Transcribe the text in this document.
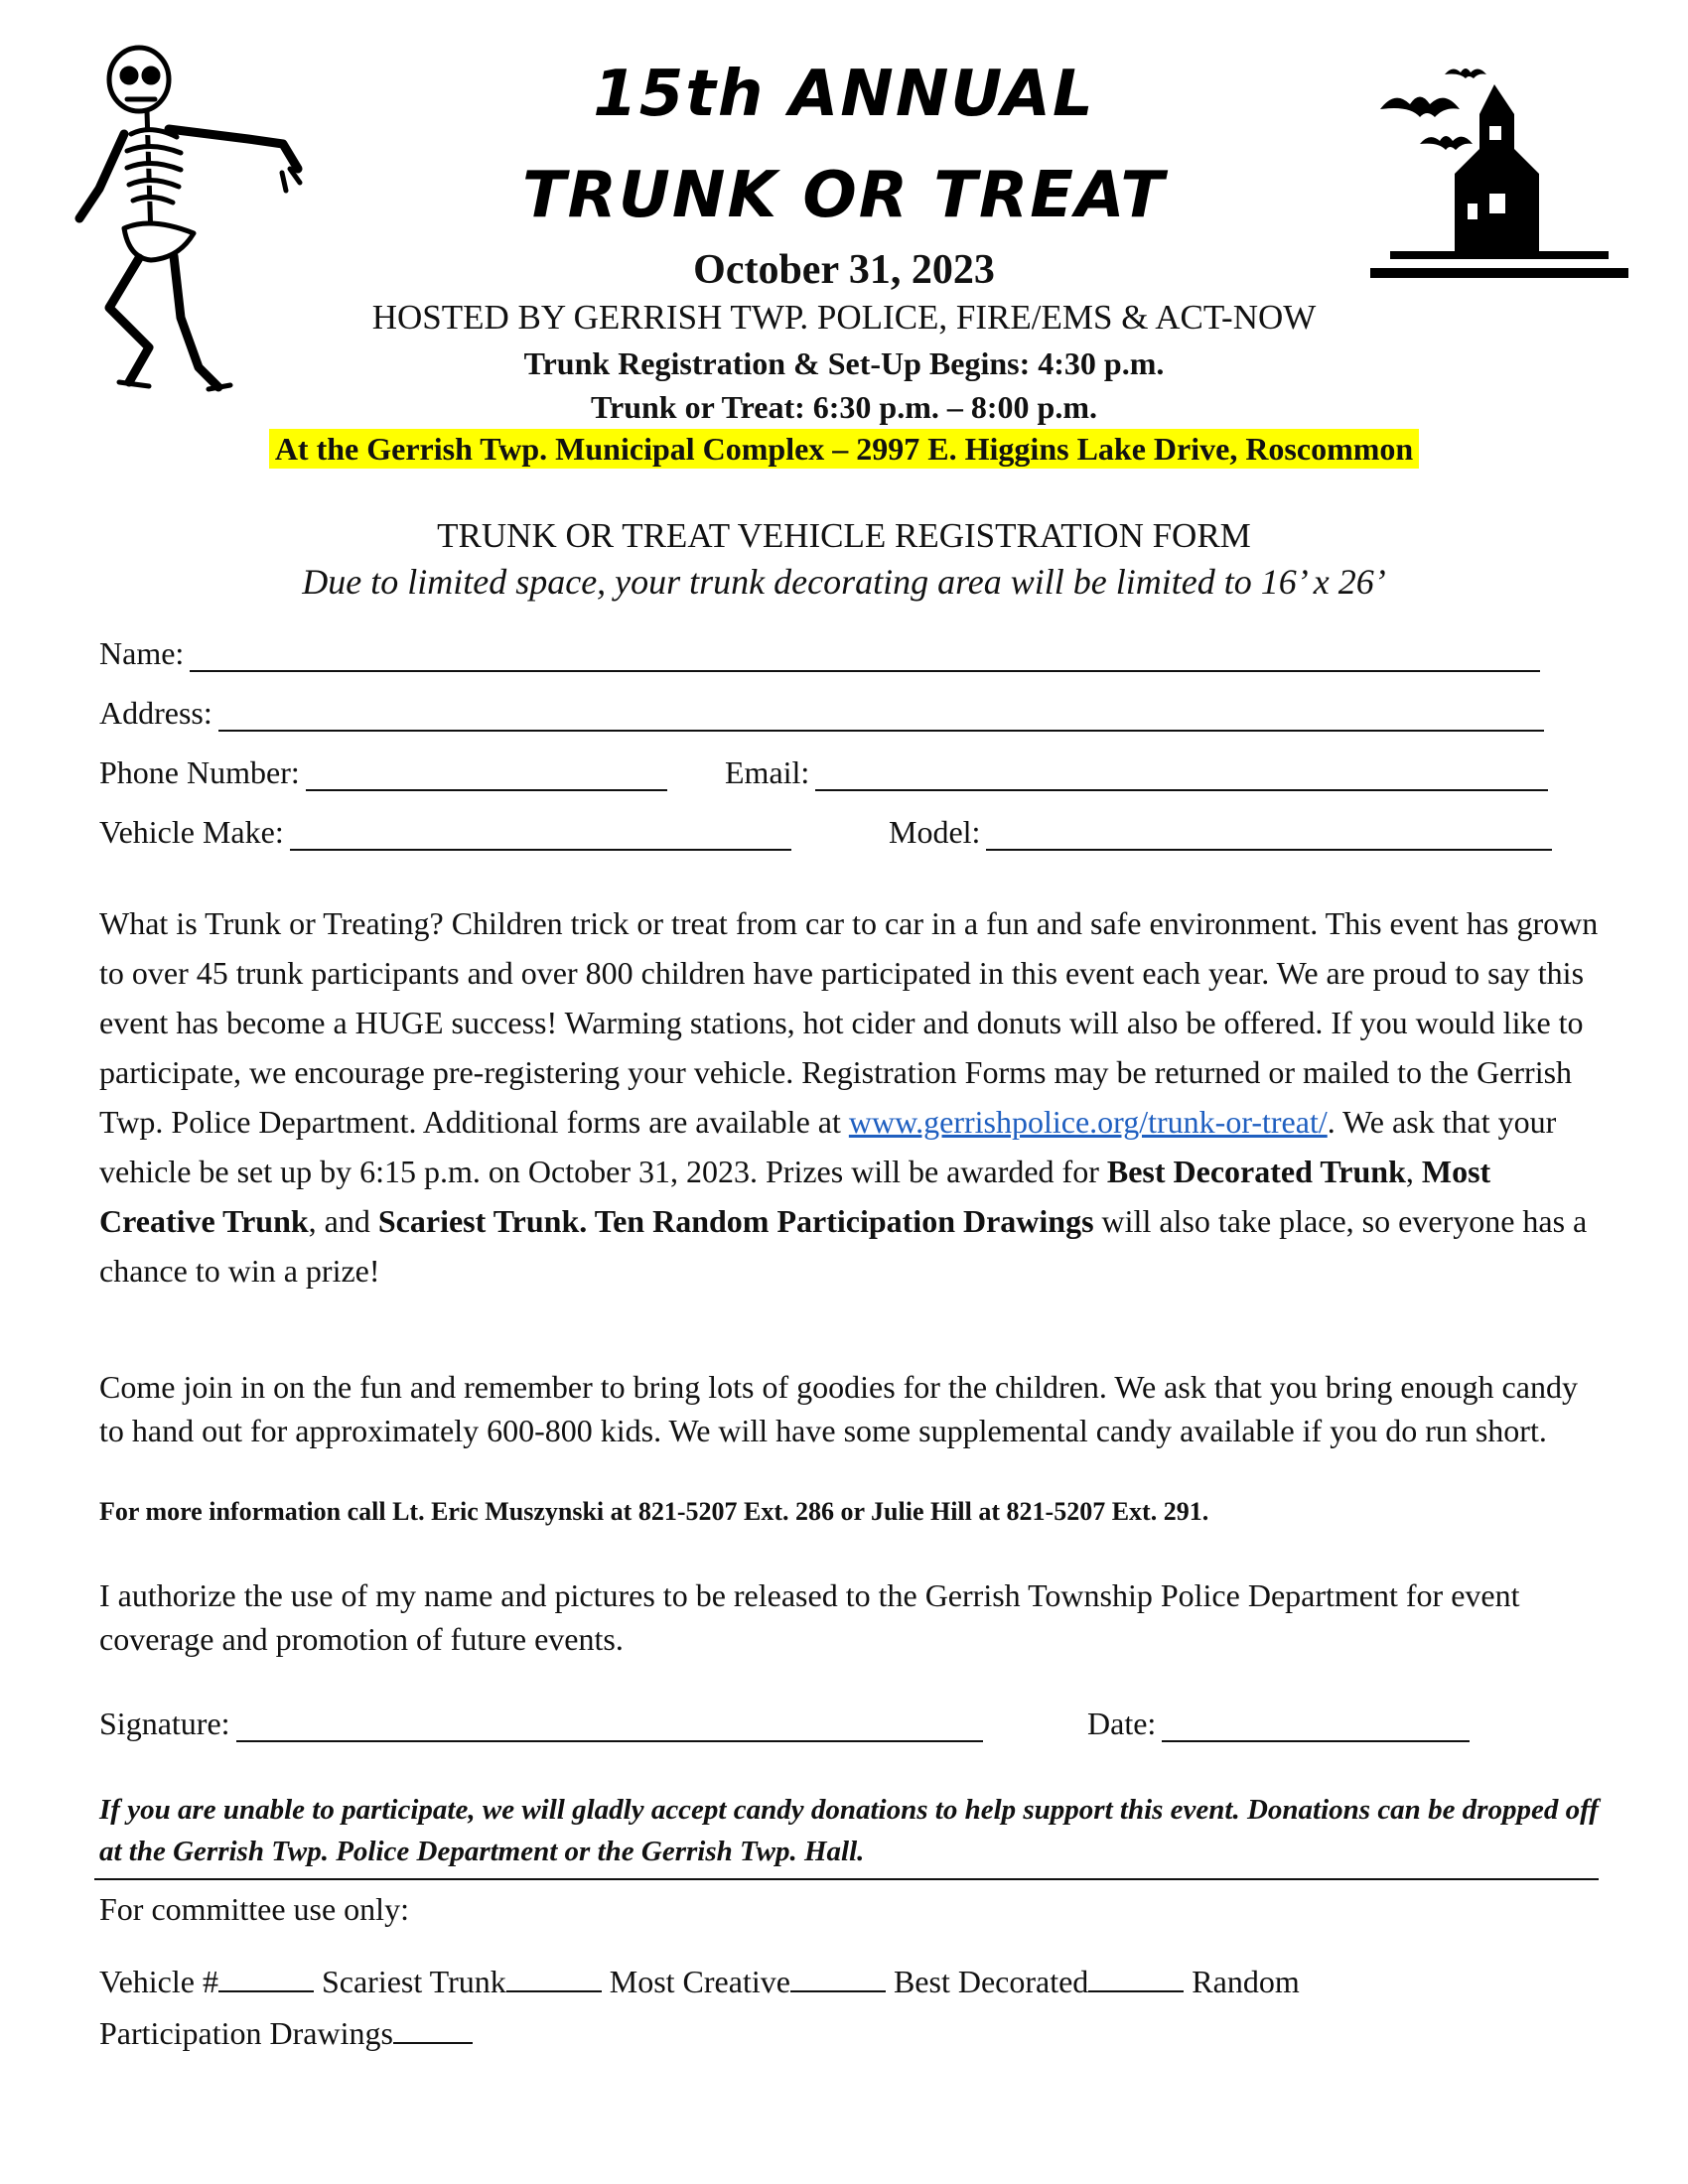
15th ANNUAL
TRUNK OR TREAT
October 31, 2023
HOSTED BY GERRISH TWP. POLICE, FIRE/EMS & ACT-NOW
Trunk Registration & Set-Up Begins: 4:30 p.m.
Trunk or Treat: 6:30 p.m. – 8:00 p.m.
At the Gerrish Twp. Municipal Complex – 2997 E. Higgins Lake Drive, Roscommon
TRUNK OR TREAT VEHICLE REGISTRATION FORM
Due to limited space, your trunk decorating area will be limited to 16’ x 26’
Name:
Address:
Phone Number:	Email:
Vehicle Make:	Model:
What is Trunk or Treating? Children trick or treat from car to car in a fun and safe environment. This event has grown to over 45 trunk participants and over 800 children have participated in this event each year. We are proud to say this event has become a HUGE success! Warming stations, hot cider and donuts will also be offered. If you would like to participate, we encourage pre-registering your vehicle. Registration Forms may be returned or mailed to the Gerrish Twp. Police Department. Additional forms are available at www.gerrishpolice.org/trunk-or-treat/. We ask that your vehicle be set up by 6:15 p.m. on October 31, 2023. Prizes will be awarded for Best Decorated Trunk, Most Creative Trunk, and Scariest Trunk. Ten Random Participation Drawings will also take place, so everyone has a chance to win a prize!
Come join in on the fun and remember to bring lots of goodies for the children. We ask that you bring enough candy to hand out for approximately 600-800 kids. We will have some supplemental candy available if you do run short.
For more information call Lt. Eric Muszynski at 821-5207 Ext. 286 or Julie Hill at 821-5207 Ext. 291.
I authorize the use of my name and pictures to be released to the Gerrish Township Police Department for event coverage and promotion of future events.
Signature:	Date:
If you are unable to participate, we will gladly accept candy donations to help support this event. Donations can be dropped off at the Gerrish Twp. Police Department or the Gerrish Twp. Hall.
For committee use only:
Vehicle #	Scariest Trunk	Most Creative	Best Decorated	Random
Participation Drawings
